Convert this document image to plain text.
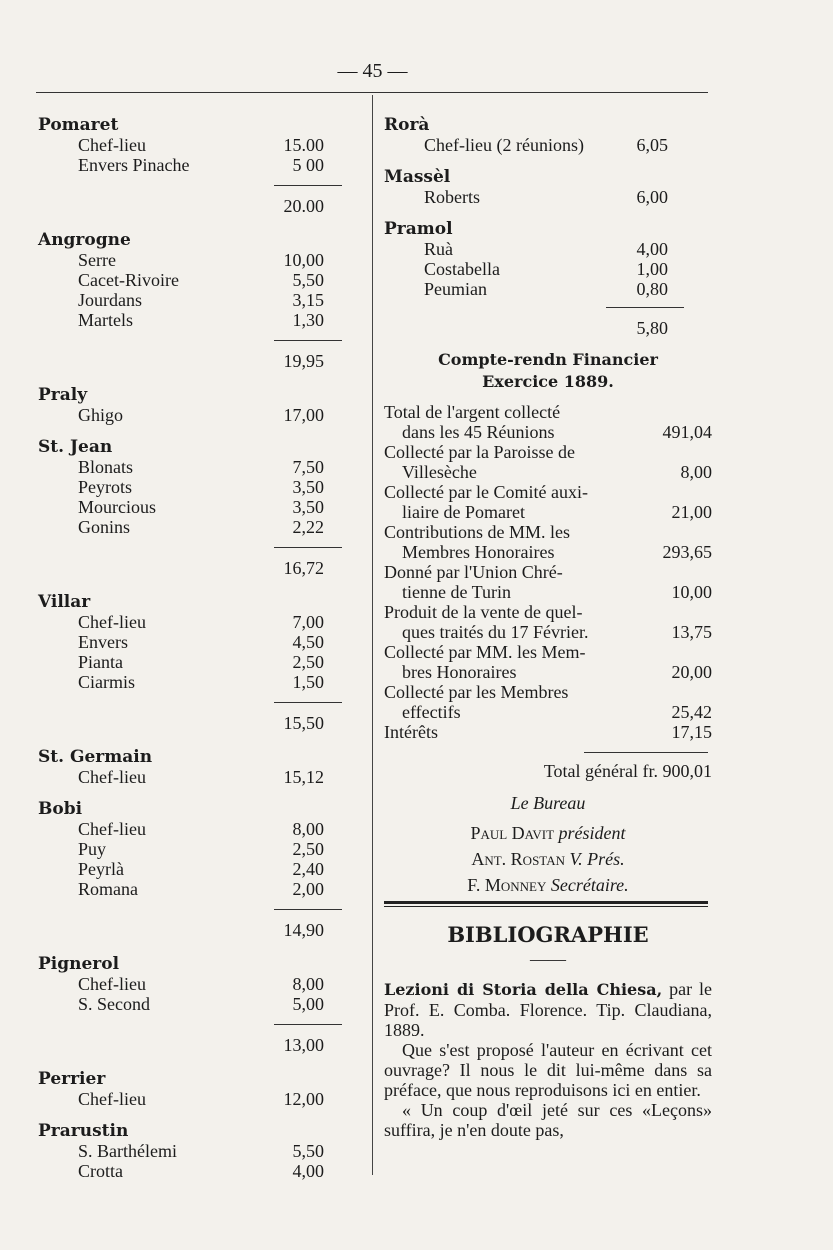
— 45 —
Pomaret
Chef-lieu	15.00
Envers Pinache	5 00
20.00
Angrogne
Serre	10,00
Cacet-Rivoire	5,50
Jourdans	3,15
Martels	1,30
19,95
Praly
Ghigo	17,00
St. Jean
Blonats	7,50
Peyrots	3,50
Mourcious	3,50
Gonins	2,22
16,72
Villar
Chef-lieu	7,00
Envers	4,50
Pianta	2,50
Ciarmis	1,50
15,50
St. Germain
Chef-lieu	15,12
Bobi
Chef-lieu	8,00
Puy	2,50
Peyrlà	2,40
Romana	2,00
14,90
Pignerol
Chef-lieu	8,00
S. Second	5,00
13,00
Perrier
Chef-lieu	12,00
Prarustin
S. Barthélemi	5,50
Crotta	4,00
Rorà
Chef-lieu (2 réunions)	6,05
Massèl
Roberts	6,00
Pramol
Ruà	4,00
Costabella	1,00
Peumian	0,80
5,80
Compte-rendn Financier
Exercice 1889.
Total de l'argent collecté
dans les 45 Réunions	491,04
Collecté par la Paroisse de
Villesèche	8,00
Collecté par le Comité auxi-
liaire de Pomaret	21,00
Contributions de MM. les
Membres Honoraires	293,65
Donné par l'Union Chré-
tienne de Turin	10,00
Produit de la vente de quel-
ques traités du 17 Février.	13,75
Collecté par MM. les Mem-
bres Honoraires	20,00
Collecté par les Membres
effectifs	25,42
Intérêts	17,15
Total général fr. 900,01
Le Bureau
Paul Davit président
Ant. Rostan V. Prés.
F. Monney Secrétaire.
BIBLIOGRAPHIE
——

Lezioni di Storia della Chiesa, par le Prof. E. Comba. Florence. Tip. Claudiana, 1889.

Que s'est proposé l'auteur en écrivant cet ouvrage? Il nous le dit lui-même dans sa préface, que nous reproduisons ici en entier.

« Un coup d'œil jeté sur ces «Leçons» suffira, je n'en doute pas,
